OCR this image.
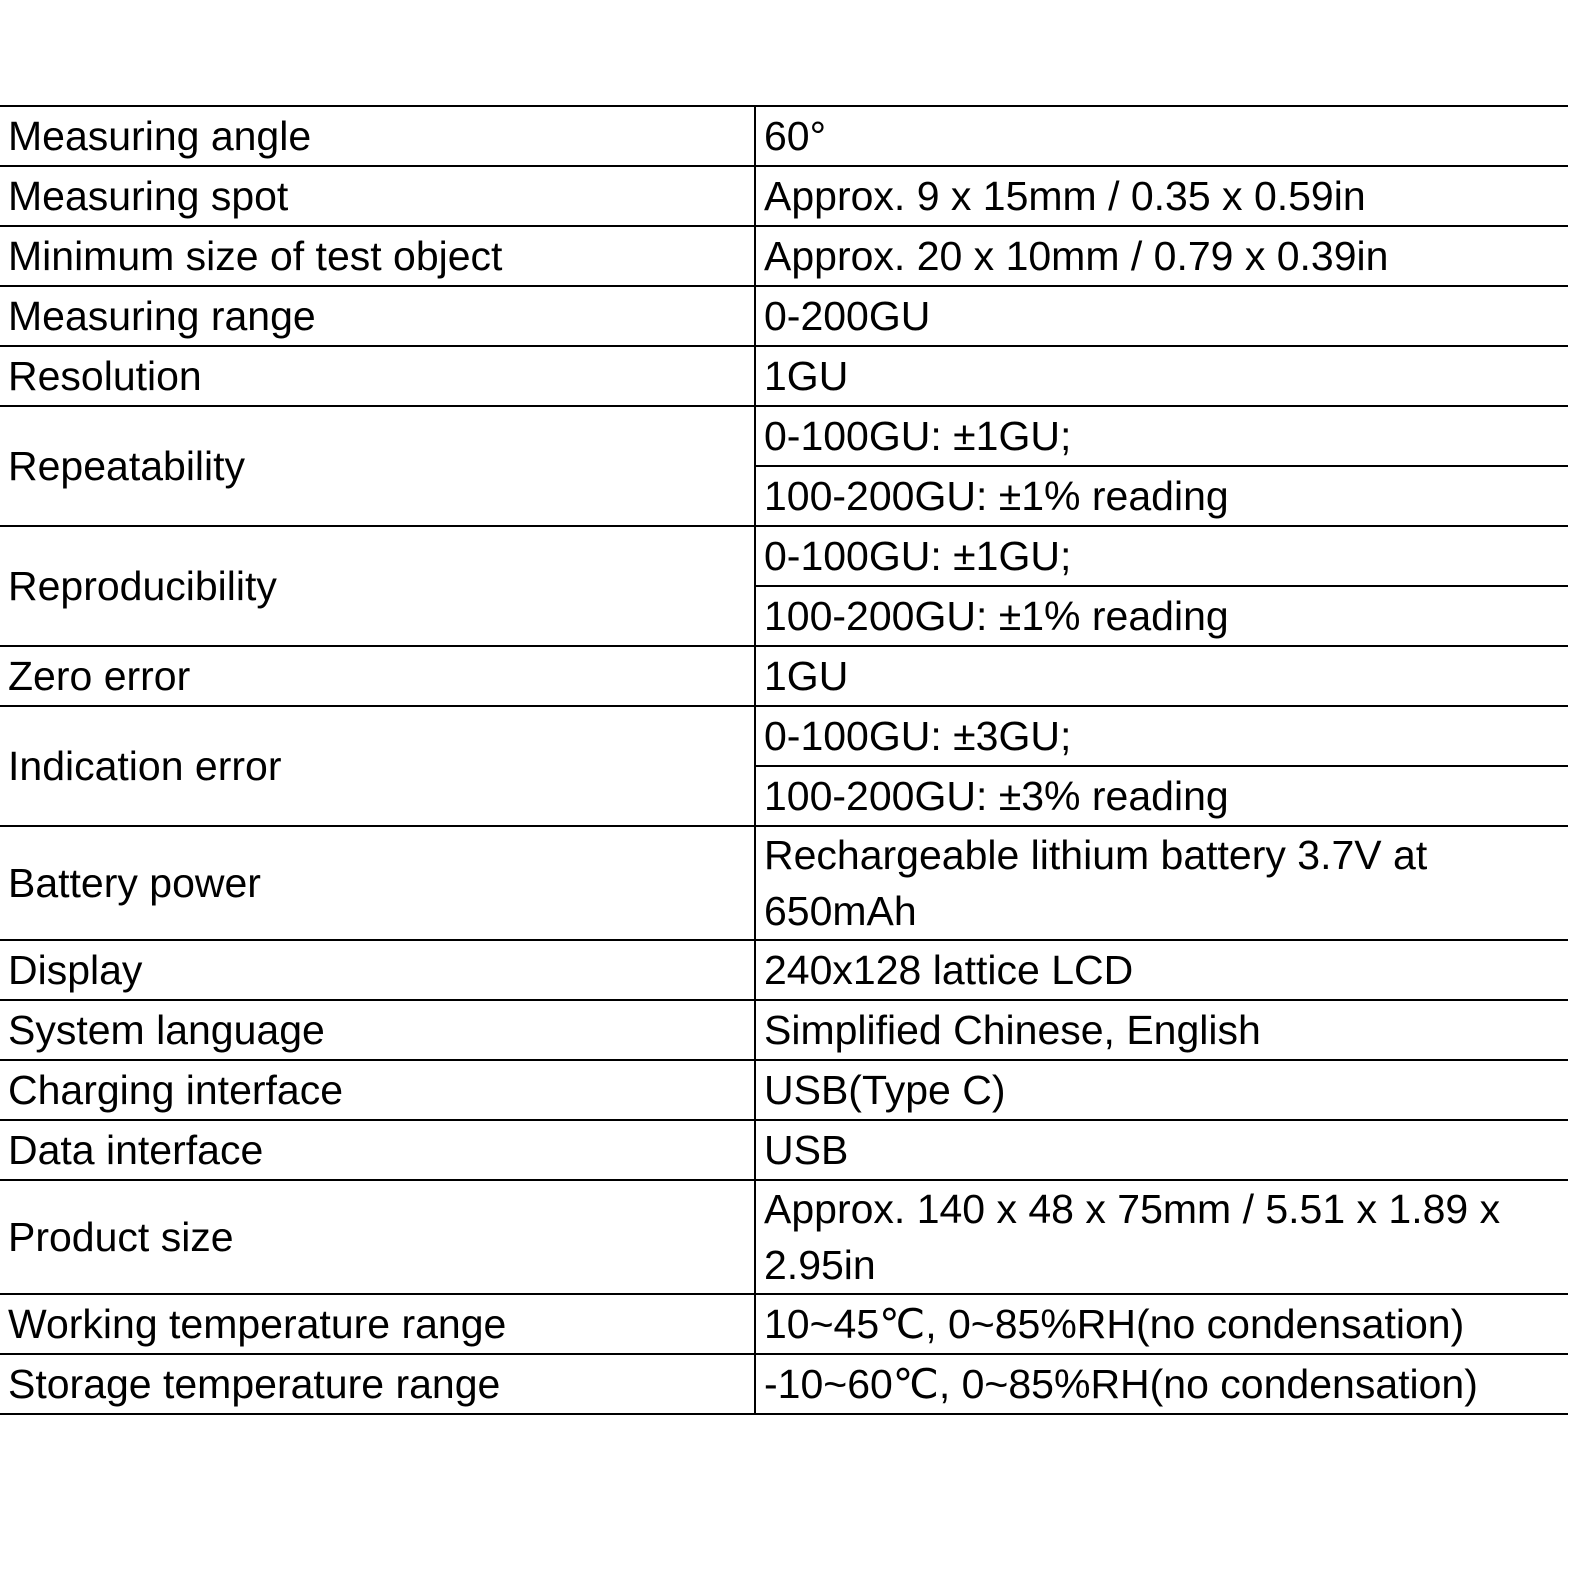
Measuring angle	60°
Measuring spot	Approx. 9 x 15mm / 0.35 x 0.59in
Minimum size of test object	Approx. 20 x 10mm / 0.79 x 0.39in
Measuring range	0-200GU
Resolution	1GU
Repeatability	0-100GU: ±1GU;
	100-200GU: ±1% reading
Reproducibility	0-100GU: ±1GU;
	100-200GU: ±1% reading
Zero error	1GU
Indication error	0-100GU: ±3GU;
	100-200GU: ±3% reading
Battery power	Rechargeable lithium battery 3.7V at 650mAh
Display	240x128 lattice LCD
System language	Simplified Chinese, English
Charging interface	USB(Type C)
Data interface	USB
Product size	Approx. 140 x 48 x 75mm / 5.51 x 1.89 x 2.95in
Working temperature range	10~45℃, 0~85%RH(no condensation)
Storage temperature range	-10~60℃, 0~85%RH(no condensation)
